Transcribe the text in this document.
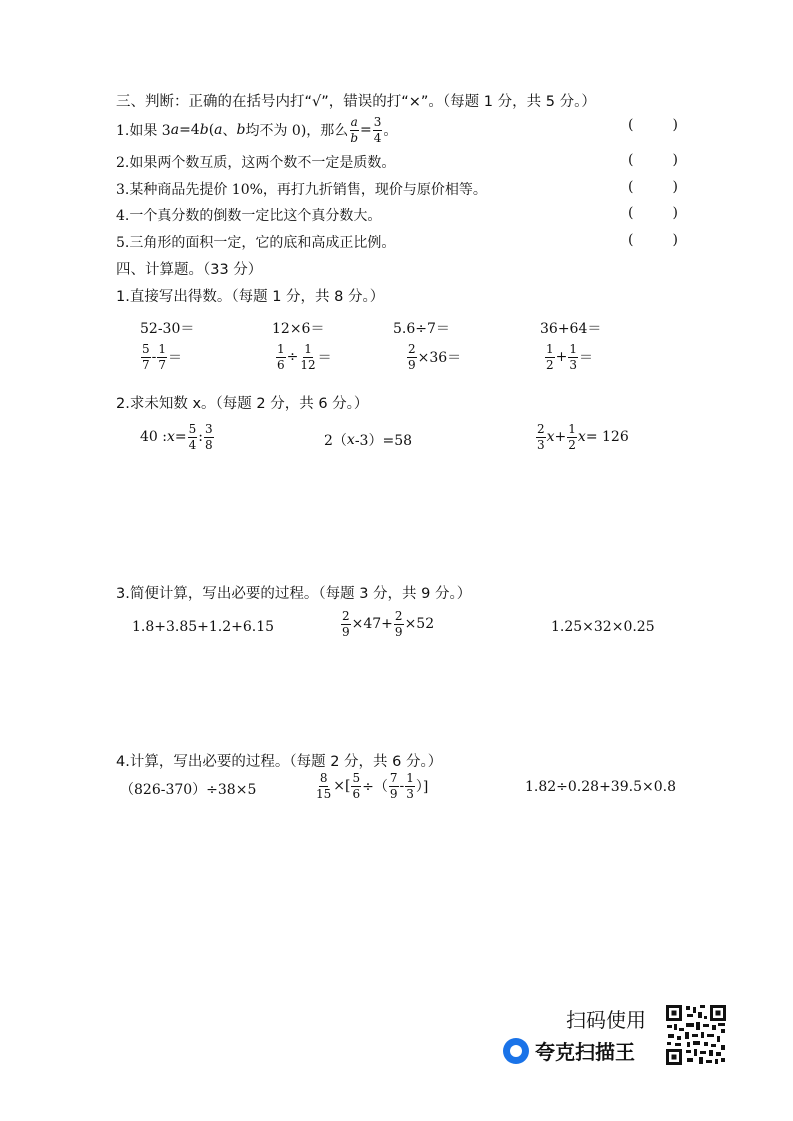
三、判断：正确的在括号内打“√”，错误的打“×”。（每题 1 分，共 5 分。）
1.如果 3 a =4 b ( a 、 b 均不为 0)，那么 $\frac{a}{b} = \frac{3}{4}$ 。	(	)
2.如果两个数互质，这两个数不一定是质数。	(	)
3.某种商品先提价 10%，再打九折销售，现价与原价相等。	(	)
4.一个真分数的倒数一定比这个真分数大。	(	)
5.三角形的面积一定，它的底和高成正比例。	(	)
四、计算题。（33 分）
1.直接写出得数。（每题 1 分，共 8 分。）
52-30＝	12×6＝	5.6÷7＝	36+64＝
$\frac{5}{7} - \frac{1}{7}$ ＝	$\frac{1}{6} \div \frac{1}{12}$ ＝	$\frac{2}{9} \times 36=$	$\frac{1}{2} + \frac{1}{3}$ ＝
2.求未知数 x。（每题 2 分，共 6 分。）
40 : $x = \frac{5}{4}$ : $\frac{3}{8}$	2（ x -3）=58	$\frac{2}{3}$ $x + \frac{1}{2}$ x = 126
3.简便计算，写出必要的过程。（每题 3 分，共 9 分。）
1.8+3.85+1.2+6.15	$\frac{2}{9} \times 47+ \frac{2}{9} \times 52$	1.25×32×0.25
4.计算，写出必要的过程。（每题 2 分，共 6 分。）
（826-370）÷38×5	$\frac{8}{15}$ ×[ $\frac{5}{6}$ ÷（ $\frac{7}{9} - \frac{1}{3}$ ）]	1.82÷0.28+39.5×0.8
扫码使用
夸克扫描王
